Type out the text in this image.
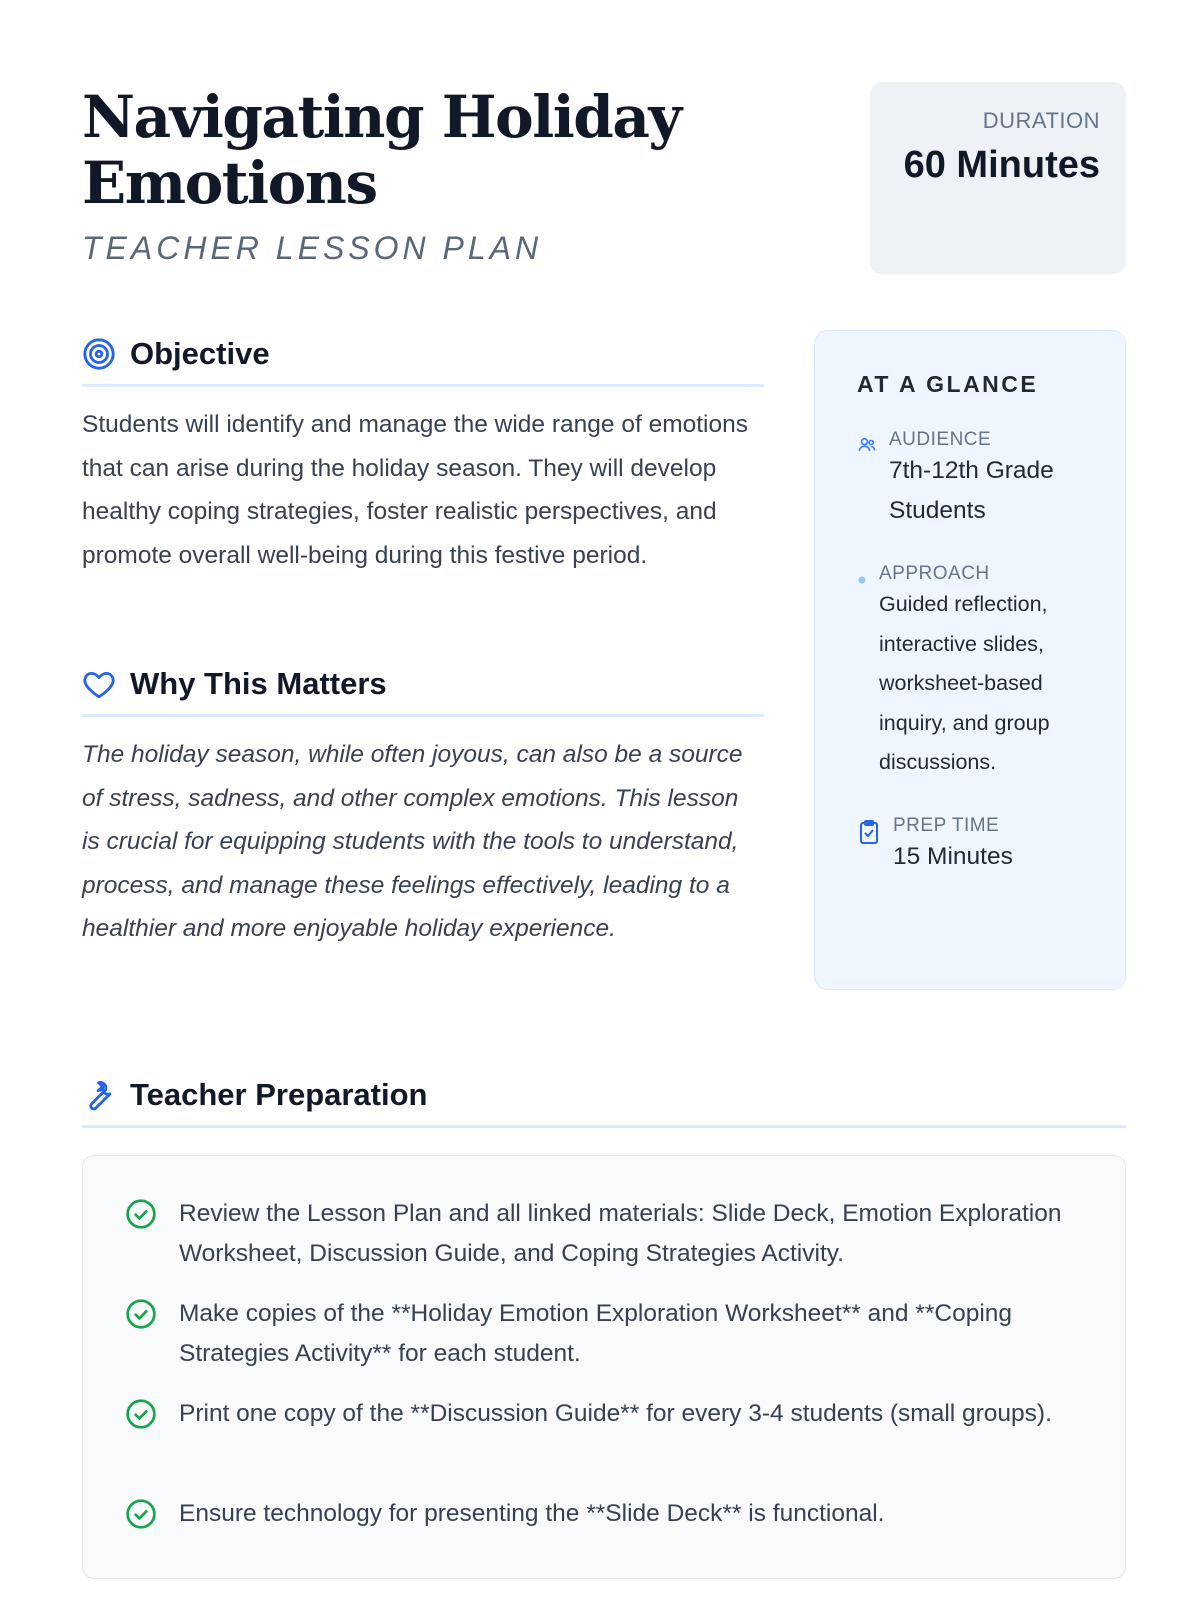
Navigating Holiday Emotions
TEACHER LESSON PLAN
DURATION
60 Minutes
Objective

Students will identify and manage the wide range of emotions that can arise during the holiday season. They will develop healthy coping strategies, foster realistic perspectives, and promote overall well-being during this festive period.

Why This Matters

The holiday season, while often joyous, can also be a source of stress, sadness, and other complex emotions. This lesson is crucial for equipping students with the tools to understand, process, and manage these feelings effectively, leading to a healthier and more enjoyable holiday experience.

AT A GLANCE
AUDIENCE
7th-12th Grade Students
APPROACH
Guided reflection, interactive slides, worksheet-based inquiry, and group discussions.
PREP TIME
15 Minutes
Teacher Preparation
Review the Lesson Plan and all linked materials: Slide Deck, Emotion Exploration Worksheet, Discussion Guide, and Coping Strategies Activity.
Make copies of the **Holiday Emotion Exploration Worksheet** and **Coping Strategies Activity** for each student.
Print one copy of the **Discussion Guide** for every 3-4 students (small groups).
Ensure technology for presenting the **Slide Deck** is functional.
